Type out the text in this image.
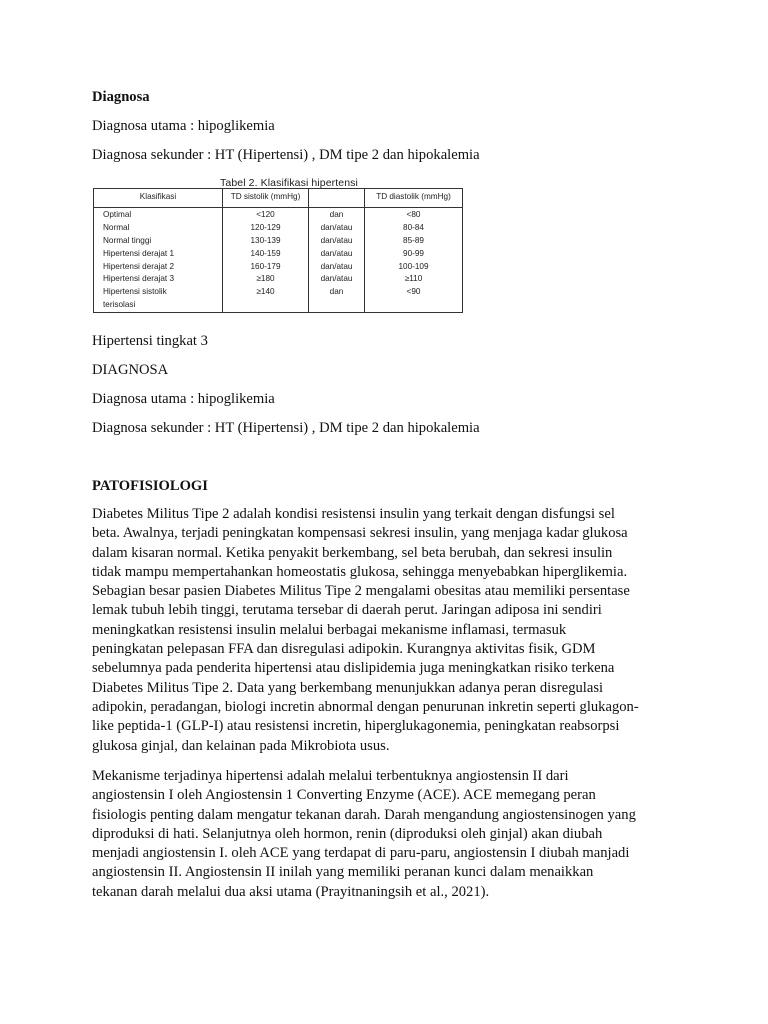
Diagnosa

Diagnosa utama : hipoglikemia

Diagnosa sekunder : HT (Hipertensi) , DM tipe 2 dan hipokalemia

Tabel 2. Klasifikasi hipertensi
Klasifikasi	TD sistolik (mmHg)		TD diastolik (mmHg)
Optimal	<120	dan	<80
Normal	120-129	dan/atau	80-84
Normal tinggi	130-139	dan/atau	85-89
Hipertensi derajat 1	140-159	dan/atau	90-99
Hipertensi derajat 2	160-179	dan/atau	100-109
Hipertensi derajat 3	≥180	dan/atau	≥110
Hipertensi sistolik	≥140	dan	<90
terisolasi			

Hipertensi tingkat 3

DIAGNOSA

Diagnosa utama : hipoglikemia

Diagnosa sekunder : HT (Hipertensi) , DM tipe 2 dan hipokalemia

PATOFISIOLOGI

Diabetes Militus Tipe 2 adalah kondisi resistensi insulin yang terkait dengan disfungsi sel
beta. Awalnya, terjadi peningkatan kompensasi sekresi insulin, yang menjaga kadar glukosa
dalam kisaran normal. Ketika penyakit berkembang, sel beta berubah, dan sekresi insulin
tidak mampu mempertahankan homeostatis glukosa, sehingga menyebabkan hiperglikemia.
Sebagian besar pasien Diabetes Militus Tipe 2 mengalami obesitas atau memiliki persentase
lemak tubuh lebih tinggi, terutama tersebar di daerah perut. Jaringan adiposa ini sendiri
meningkatkan resistensi insulin melalui berbagai mekanisme inflamasi, termasuk
peningkatan pelepasan FFA dan disregulasi adipokin. Kurangnya aktivitas fisik, GDM
sebelumnya pada penderita hipertensi atau dislipidemia juga meningkatkan risiko terkena
Diabetes Militus Tipe 2. Data yang berkembang menunjukkan adanya peran disregulasi
adipokin, peradangan, biologi incretin abnormal dengan penurunan inkretin seperti glukagon-
like peptida-1 (GLP-I) atau resistensi incretin, hiperglukagonemia, peningkatan reabsorpsi
glukosa ginjal, dan kelainan pada Mikrobiota usus.
Mekanisme terjadinya hipertensi adalah melalui terbentuknya angiostensin II dari
angiostensin I oleh Angiostensin 1 Converting Enzyme (ACE). ACE memegang peran
fisiologis penting dalam mengatur tekanan darah. Darah mengandung angiostensinogen yang
diproduksi di hati. Selanjutnya oleh hormon, renin (diproduksi oleh ginjal) akan diubah
menjadi angiostensin I. oleh ACE yang terdapat di paru-paru, angiostensin I diubah manjadi
angiostensin II. Angiostensin II inilah yang memiliki peranan kunci dalam menaikkan
tekanan darah melalui dua aksi utama (Prayitnaningsih et al., 2021).
